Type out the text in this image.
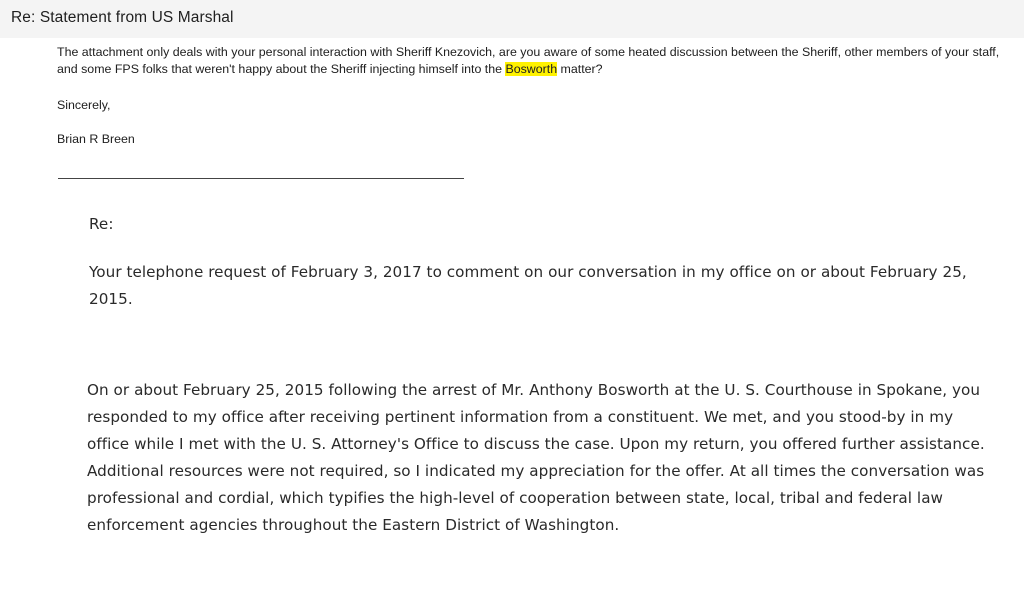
Re: Statement from US Marshal

The attachment only deals with your personal interaction with Sheriff Knezovich, are you aware of some heated discussion between the Sheriff, other members of your staff, and some FPS folks that weren't happy about the Sheriff injecting himself into the Bosworth matter?

Sincerely,
Brian R Breen
Re:
Your telephone request of February 3, 2017 to comment on our conversation in my office on or about February 25, 2015.
On or about February 25, 2015 following the arrest of Mr. Anthony Bosworth at the U. S. Courthouse in Spokane, you responded to my office after receiving pertinent information from a constituent. We met, and you stood-by in my office while I met with the U. S. Attorney's Office to discuss the case. Upon my return, you offered further assistance. Additional resources were not required, so I indicated my appreciation for the offer. At all times the conversation was professional and cordial, which typifies the high-level of cooperation between state, local, tribal and federal law enforcement agencies throughout the Eastern District of Washington.
